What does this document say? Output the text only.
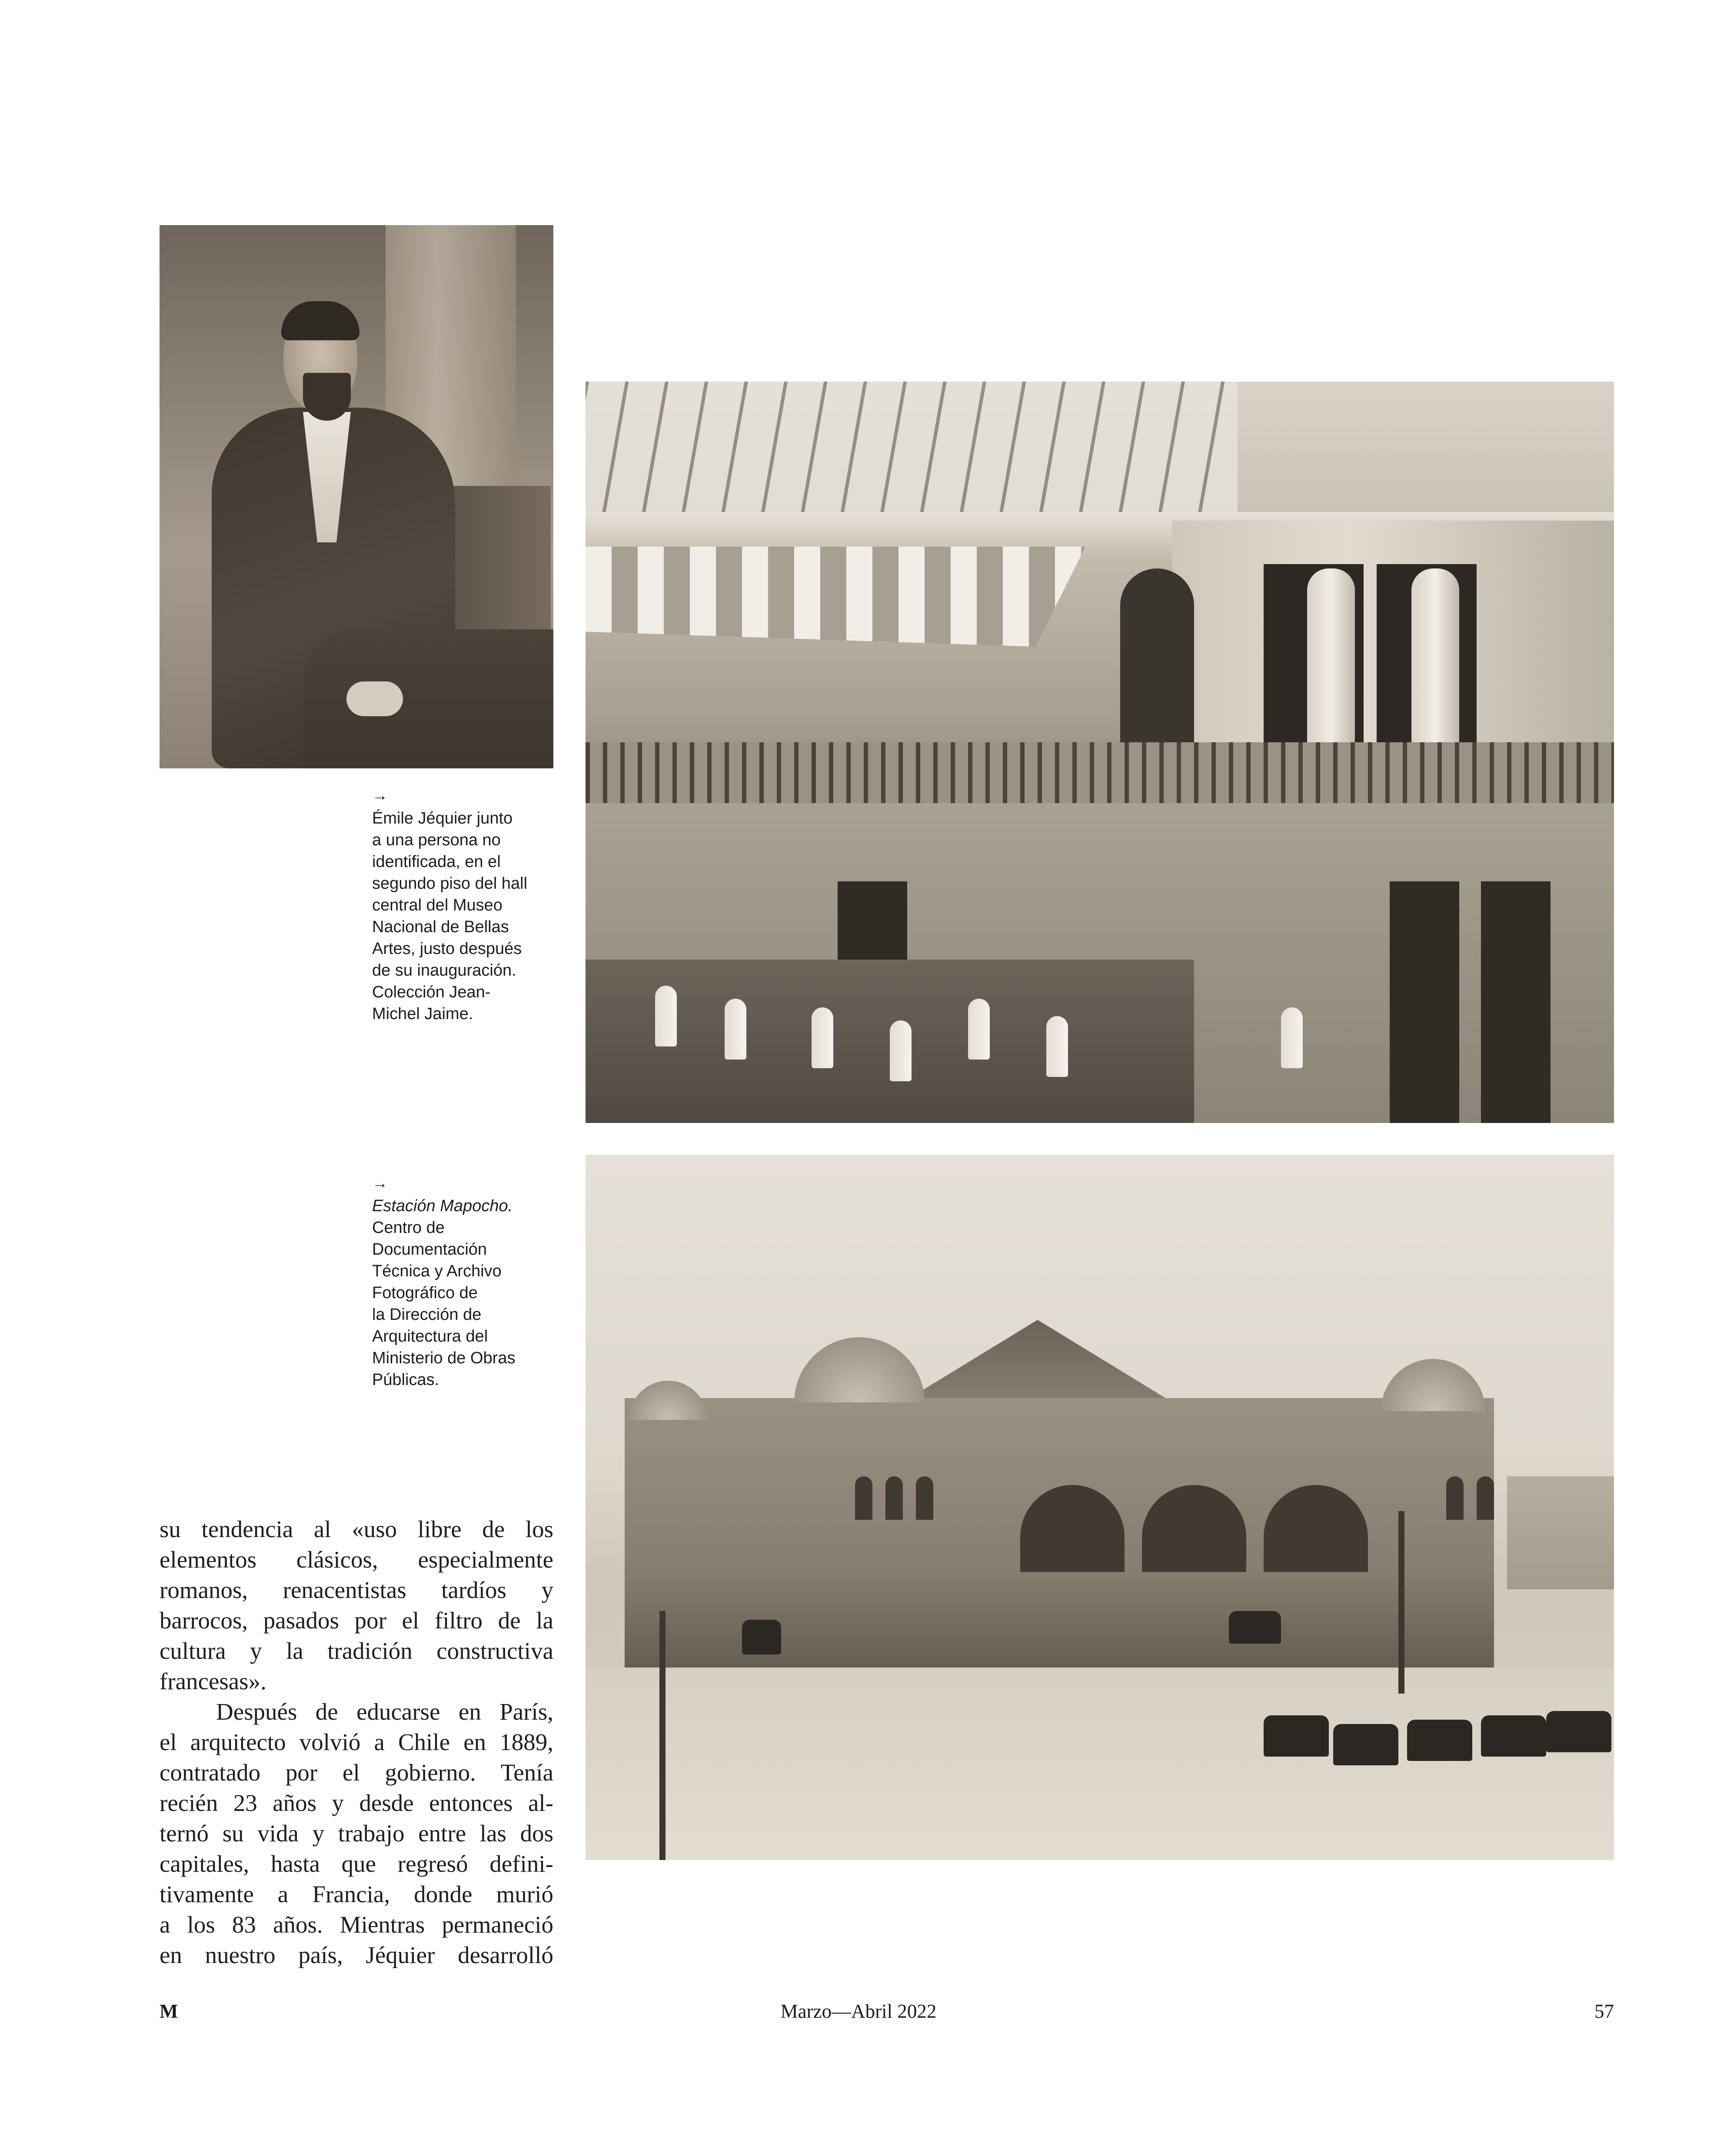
→
Émile Jéquier junto
a una persona no
identificada, en el
segundo piso del hall
central del Museo
Nacional de Bellas
Artes, justo después
de su inauguración.
Colección Jean-
Michel Jaime.
→
Estación Mapocho.
Centro de
Documentación
Técnica y Archivo
Fotográfico de
la Dirección de
Arquitectura del
Ministerio de Obras
Públicas.
su tendencia al «uso libre de los
elementos clásicos, especialmente
romanos, renacentistas tardíos y
barrocos, pasados por el filtro de la
cultura y la tradición constructiva
francesas».
Después de educarse en París,
el arquitecto volvió a Chile en 1889,
contratado por el gobierno. Tenía
recién 23 años y desde entonces al-
ternó su vida y trabajo entre las dos
capitales, hasta que regresó defini-
tivamente a Francia, donde murió
a los 83 años. Mientras permaneció
en nuestro país, Jéquier desarrolló
M	Marzo—Abril 2022	57
